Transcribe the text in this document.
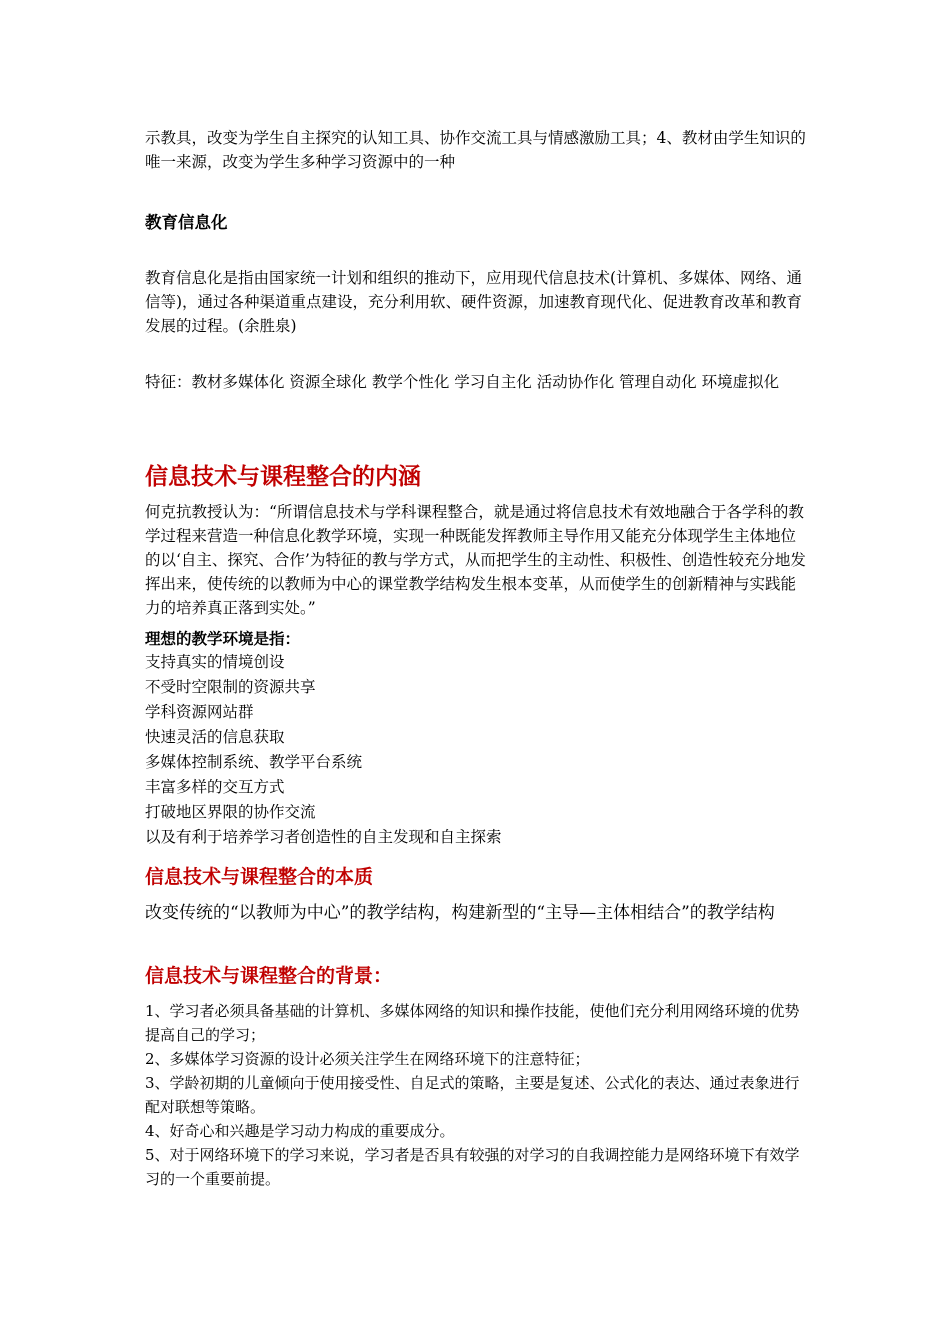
示教具，改变为学生自主探究的认知工具、协作交流工具与情感激励工具；4、教材由学生知识的唯一来源，改变为学生多种学习资源中的一种

教育信息化

教育信息化是指由国家统一计划和组织的推动下，应用现代信息技术(计算机、多媒体、网络、通信等)，通过各种渠道重点建设，充分利用软、硬件资源，加速教育现代化、促进教育改革和教育发展的过程。(余胜泉)

特征：教材多媒体化 资源全球化 教学个性化 学习自主化 活动协作化 管理自动化 环境虚拟化

信息技术与课程整合的内涵

何克抗教授认为：“所谓信息技术与学科课程整合，就是通过将信息技术有效地融合于各学科的教学过程来营造一种信息化教学环境，实现一种既能发挥教师主导作用又能充分体现学生主体地位的以‘自主、探究、合作’为特征的教与学方式，从而把学生的主动性、积极性、创造性较充分地发挥出来，使传统的以教师为中心的课堂教学结构发生根本变革，从而使学生的创新精神与实践能力的培养真正落到实处。”

理想的教学环境是指：
支持真实的情境创设
不受时空限制的资源共享
学科资源网站群
快速灵活的信息获取
多媒体控制系统、教学平台系统
丰富多样的交互方式
打破地区界限的协作交流
以及有利于培养学习者创造性的自主发现和自主探索
信息技术与课程整合的本质

改变传统的“以教师为中心”的教学结构，构建新型的“主导—主体相结合”的教学结构

信息技术与课程整合的背景：
1、学习者必须具备基础的计算机、多媒体网络的知识和操作技能，使他们充分利用网络环境的优势提高自己的学习；
2、多媒体学习资源的设计必须关注学生在网络环境下的注意特征；
3、学龄初期的儿童倾向于使用接受性、自足式的策略，主要是复述、公式化的表达、通过表象进行配对联想等策略。
4、好奇心和兴趣是学习动力构成的重要成分。
5、对于网络环境下的学习来说，学习者是否具有较强的对学习的自我调控能力是网络环境下有效学习的一个重要前提。
